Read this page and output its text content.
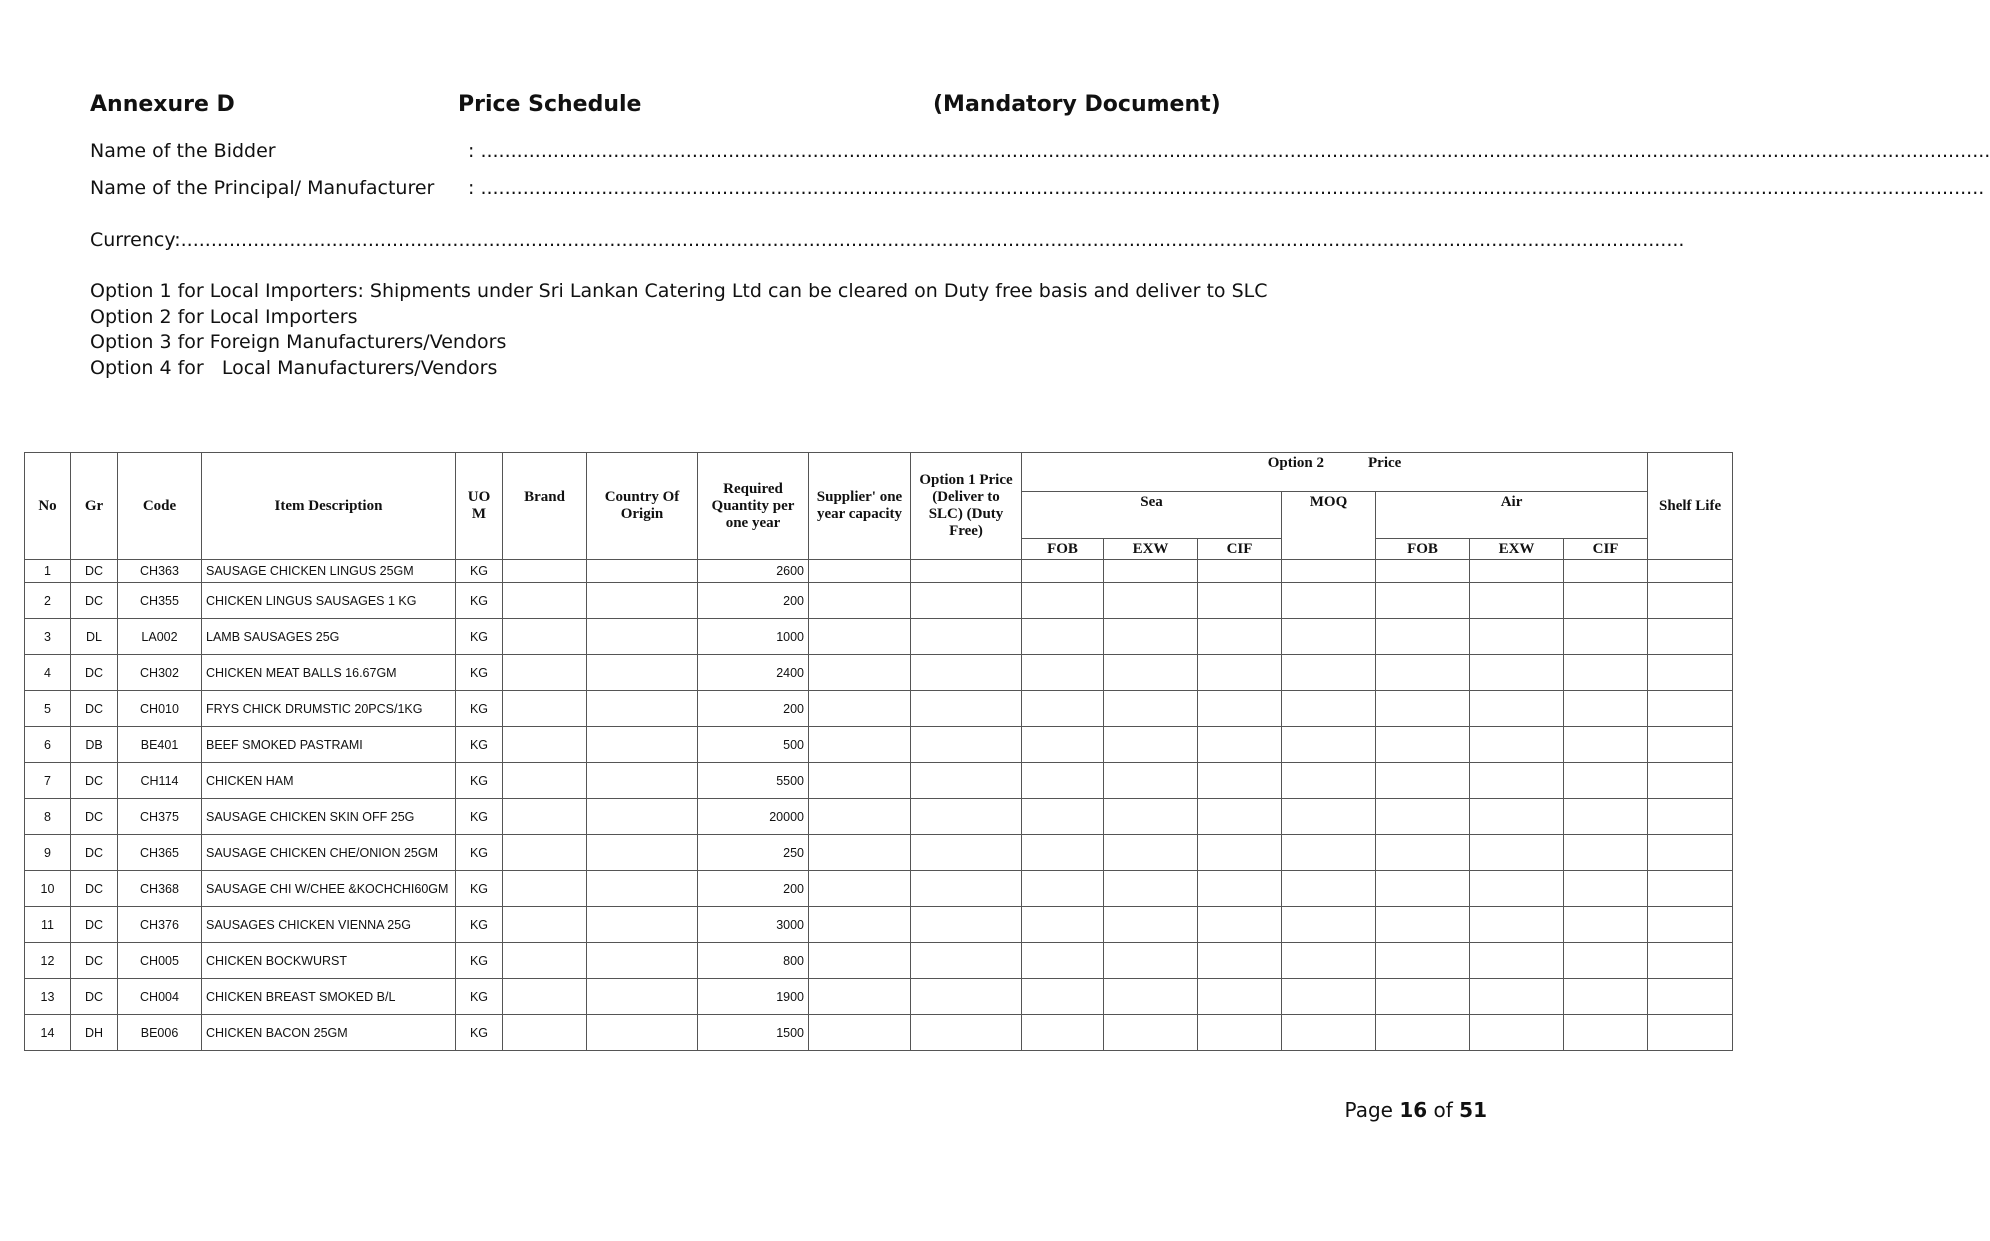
Annexure D	Price Schedule	(Mandatory Document)
Name of the Bidder	: ..........................................................................................................................................................................................................................................................
Name of the Principal/ Manufacturer : .........................................................................................................................................................................................................................................................
Currency:.........................................................................................................................................................................................................................................................
Option 1 for Local Importers: Shipments under Sri Lankan Catering Ltd can be cleared on Duty free basis and deliver to SLC
Option 2 for Local Importers
Option 3 for Foreign Manufacturers/Vendors
Option 4 for   Local Manufacturers/Vendors
No	Gr	Code	Item Description	UO M	Brand	Country Of Origin	Required Quantity per one year	Supplier' one year capacity	Option 1 Price (Deliver to SLC) (Duty Free)	Option 2 Price							Shelf Life
										Sea			MOQ	Air			
										FOB	EXW	CIF		FOB	EXW	CIF	
1	DC	CH363	SAUSAGE CHICKEN LINGUS 25GM	KG			2600										
2	DC	CH355	CHICKEN LINGUS SAUSAGES 1 KG	KG			200										
3	DL	LA002	LAMB SAUSAGES 25G	KG			1000										
4	DC	CH302	CHICKEN MEAT BALLS 16.67GM	KG			2400										
5	DC	CH010	FRYS CHICK DRUMSTIC 20PCS/1KG	KG			200										
6	DB	BE401	BEEF SMOKED PASTRAMI	KG			500										
7	DC	CH114	CHICKEN HAM	KG			5500										
8	DC	CH375	SAUSAGE CHICKEN SKIN OFF 25G	KG			20000										
9	DC	CH365	SAUSAGE CHICKEN CHE/ONION 25GM	KG			250										
10	DC	CH368	SAUSAGE CHI W/CHEE &KOCHCHI60GM	KG			200										
11	DC	CH376	SAUSAGES CHICKEN VIENNA 25G	KG			3000										
12	DC	CH005	CHICKEN BOCKWURST	KG			800										
13	DC	CH004	CHICKEN BREAST SMOKED B/L	KG			1900										
14	DH	BE006	CHICKEN BACON 25GM	KG			1500										
Page 16 of 51
